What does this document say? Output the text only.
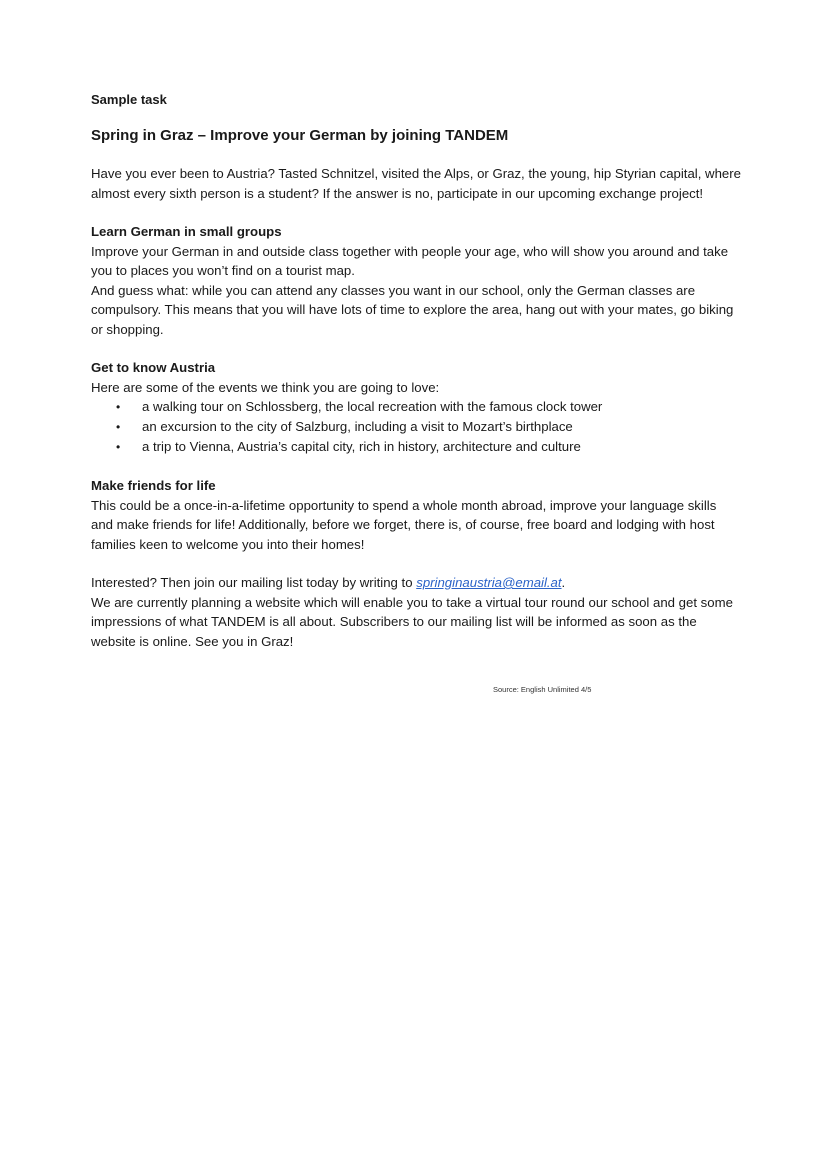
Sample task
Spring in Graz – Improve your German by joining TANDEM

Have you ever been to Austria? Tasted Schnitzel, visited the Alps, or Graz, the young, hip Styrian capital, where almost every sixth person is a student? If the answer is no, participate in our upcoming exchange project!

Learn German in small groups

Improve your German in and outside class together with people your age, who will show you around and take you to places you won’t find on a tourist map.

And guess what: while you can attend any classes you want in our school, only the German classes are compulsory. This means that you will have lots of time to explore the area, hang out with your mates, go biking or shopping.

Get to know Austria

Here are some of the events we think you are going to love:

• a walking tour on Schlossberg, the local recreation with the famous clock tower
• an excursion to the city of Salzburg, including a visit to Mozart’s birthplace
• a trip to Vienna, Austria’s capital city, rich in history, architecture and culture
Make friends for life

This could be a once-in-a-lifetime opportunity to spend a whole month abroad, improve your language skills and make friends for life! Additionally, before we forget, there is, of course, free board and lodging with host families keen to welcome you into their homes!

Interested? Then join our mailing list today by writing to springinaustria@email.at.

We are currently planning a website which will enable you to take a virtual tour round our school and get some impressions of what TANDEM is all about. Subscribers to our mailing list will be informed as soon as the website is online. See you in Graz!

Source: English Unlimited 4/5
